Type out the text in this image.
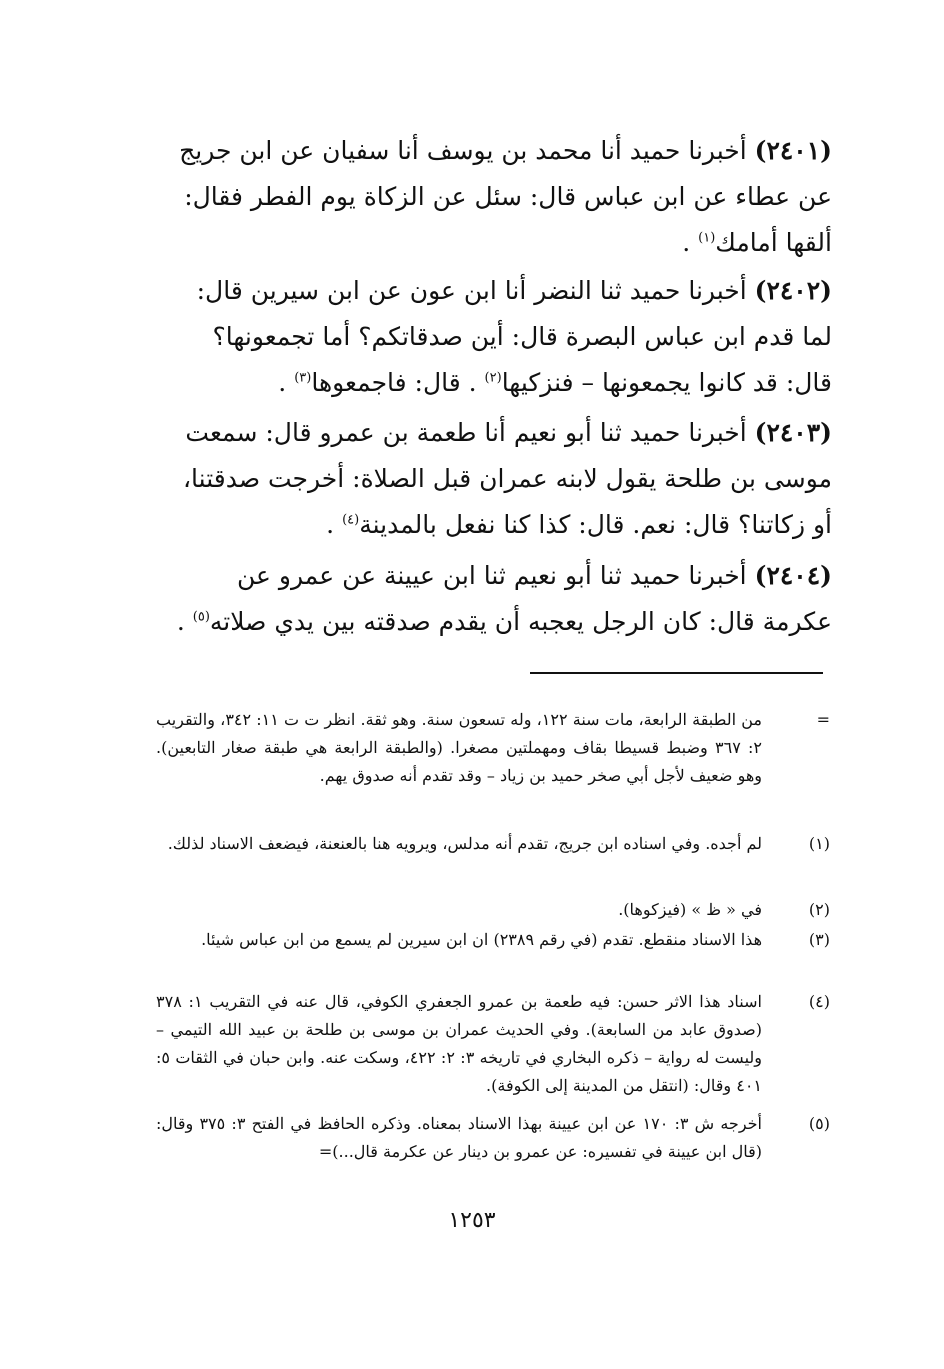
(٢٤٠١) أخبرنا حميد أنا محمد بن يوسف أنا سفيان عن ابن جريج عن عطاء عن ابن عباس قال: سئل عن الزكاة يوم الفطر فقال: ألقها أمامك$^{(١)}$ .
(٢٤٠٢) أخبرنا حميد ثنا النضر أنا ابن عون عن ابن سيرين قال: لما قدم ابن عباس البصرة قال: أين صدقاتكم؟ أما تجمعونها؟ قال: قد كانوا يجمعونها – فنزكيها$^{(٢)}$ . قال: فاجمعوها$^{(٣)}$ .
(٢٤٠٣) أخبرنا حميد ثنا أبو نعيم أنا طعمة بن عمرو قال: سمعت موسى بن طلحة يقول لابنه عمران قبل الصلاة: أخرجت صدقتنا، أو زكاتنا؟ قال: نعم. قال: كذا كنا نفعل بالمدينة$^{(٤)}$ .
(٢٤٠٤) أخبرنا حميد ثنا أبو نعيم ثنا ابن عيينة عن عمرو عن عكرمة قال: كان الرجل يعجبه أن يقدم صدقته بين يدي صلاته$^{(٥)}$ .
=
من الطبقة الرابعة، مات سنة ١٢٢، وله تسعون سنة. وهو ثقة. انظر ت ت ١١: ٣٤٢، والتقريب ٢: ٣٦٧ وضبط قسيطا بقاف ومهملتين مصغرا. (والطبقة الرابعة هي طبقة صغار التابعين). وهو ضعيف لأجل أبي صخر حميد بن زياد – وقد تقدم أنه صدوق يهم.
(١)
لم أجده. وفي اسناده ابن جريج، تقدم أنه مدلس، ويرويه هنا بالعنعنة، فيضعف الاسناد لذلك.
(٢)
في « ظ » (فيزكوها).
(٣)
هذا الاسناد منقطع. تقدم (في رقم ٢٣٨٩) ان ابن سيرين لم يسمع من ابن عباس شيئا.
(٤)
اسناد هذا الاثر حسن: فيه طعمة بن عمرو الجعفري الكوفي، قال عنه في التقريب ١: ٣٧٨ (صدوق عابد من السابعة). وفي الحديث عمران بن موسى بن طلحة بن عبيد الله التيمي – وليست له رواية – ذكره البخاري في تاريخه ٣: ٢: ٤٢٢، وسكت عنه. وابن حبان في الثقات ٥: ٤٠١ وقال: (انتقل من المدينة إلى الكوفة).
(٥)
أخرجه ش ٣: ١٧٠ عن ابن عيينة بهذا الاسناد بمعناه. وذكره الحافظ في الفتح ٣: ٣٧٥ وقال: (قال ابن عيينة في تفسيره: عن عمرو بن دينار عن عكرمة قال...)=
١٢٥٣
